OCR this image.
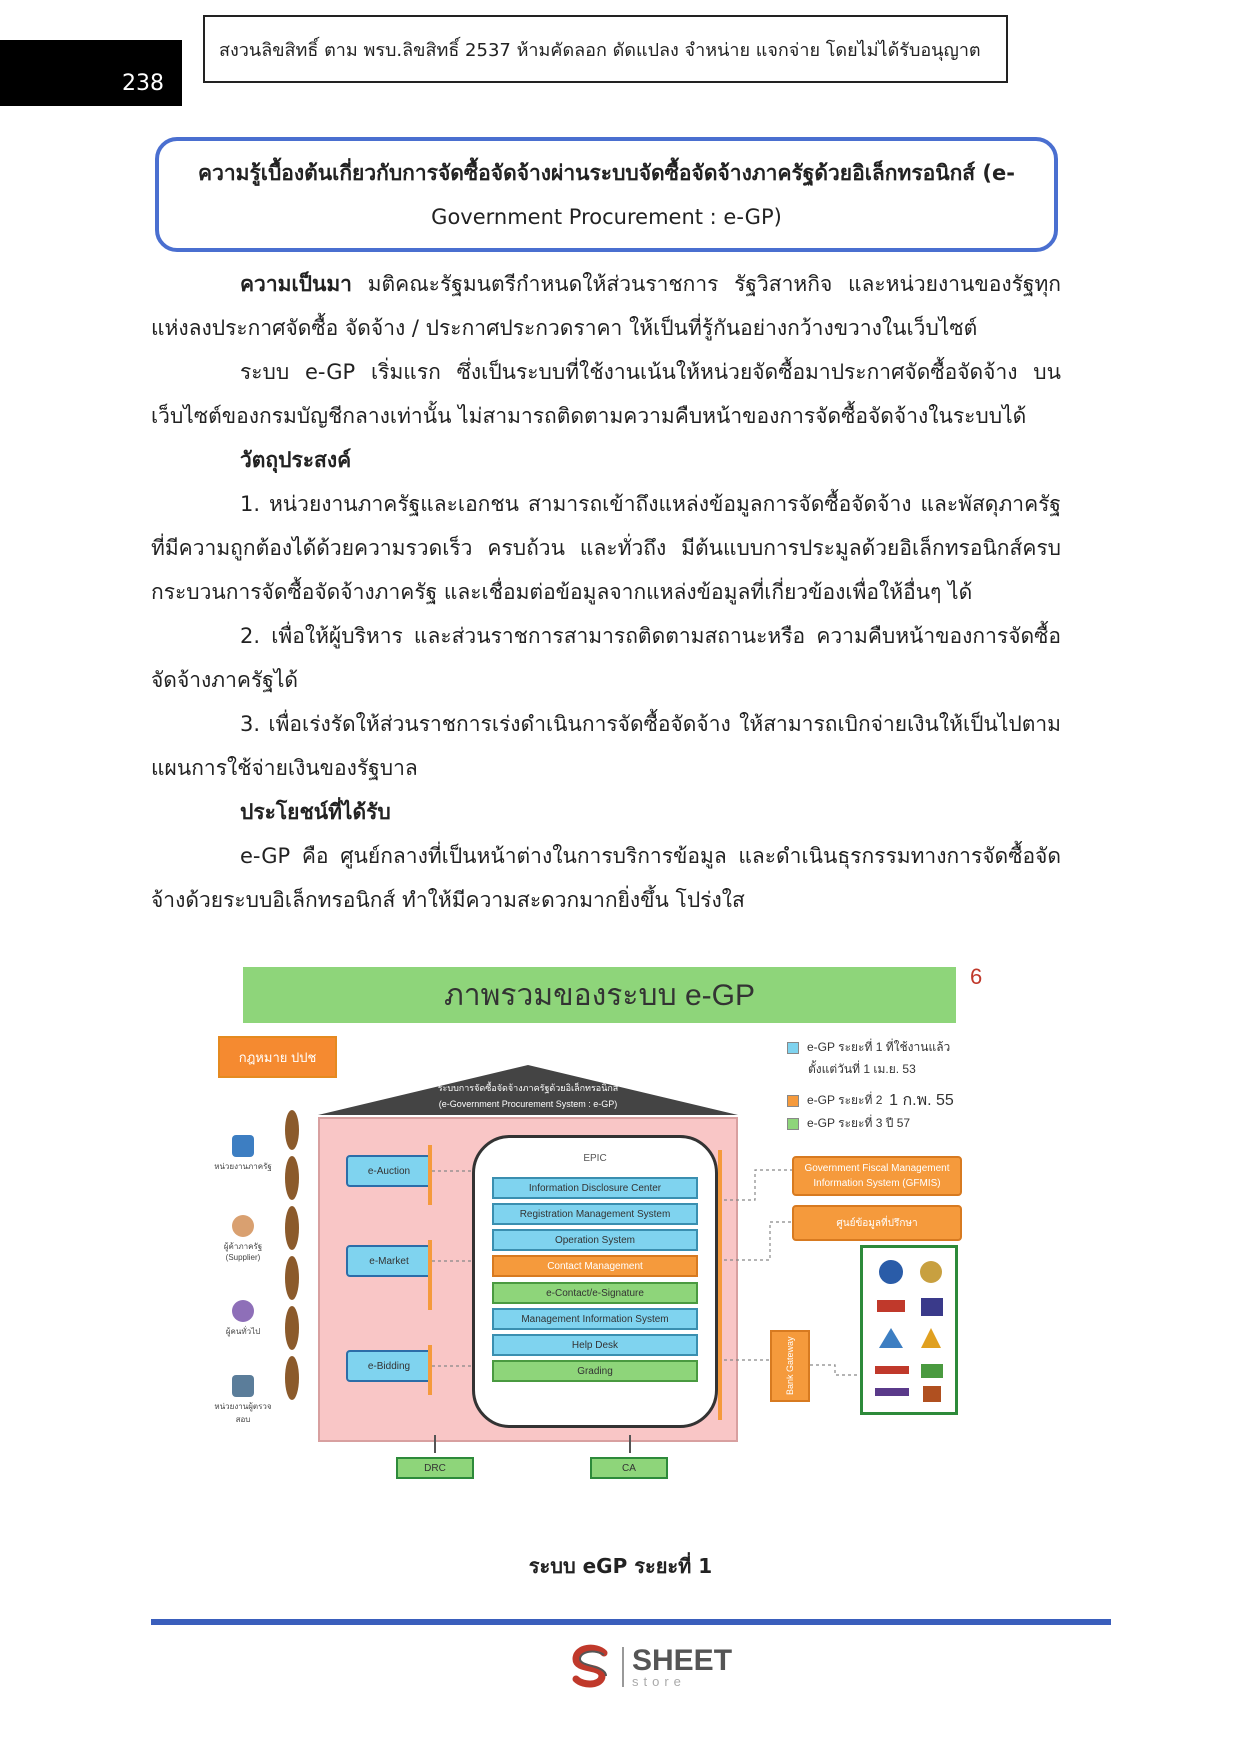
238
สงวนลิขสิทธิ์ ตาม พรบ.ลิขสิทธิ์ 2537 ห้ามคัดลอก ดัดแปลง จำหน่าย แจกจ่าย โดยไม่ได้รับอนุญาต
ความรู้เบื้องต้นเกี่ยวกับการจัดซื้อจัดจ้างผ่านระบบจัดซื้อจัดจ้างภาครัฐด้วยอิเล็กทรอนิกส์ (e-
Government Procurement : e-GP)

ความเป็นมา มติคณะรัฐมนตรีกำหนดให้ส่วนราชการ รัฐวิสาหกิจ และหน่วยงานของรัฐทุกแห่งลงประกาศจัดซื้อ จัดจ้าง / ประกาศประกวดราคา ให้เป็นที่รู้กันอย่างกว้างขวางในเว็บไซต์

ระบบ e-GP เริ่มแรก ซึ่งเป็นระบบที่ใช้งานเน้นให้หน่วยจัดซื้อมาประกาศจัดซื้อจัดจ้าง บนเว็บไซต์ของกรมบัญชีกลางเท่านั้น ไม่สามารถติดตามความคืบหน้าของการจัดซื้อจัดจ้างในระบบได้

วัตถุประสงค์

1. หน่วยงานภาครัฐและเอกชน สามารถเข้าถึงแหล่งข้อมูลการจัดซื้อจัดจ้าง และพัสดุภาครัฐที่มีความถูกต้องได้ด้วยความรวดเร็ว ครบถ้วน และทั่วถึง มีต้นแบบการประมูลด้วยอิเล็กทรอนิกส์ครบกระบวนการจัดซื้อจัดจ้างภาครัฐ และเชื่อมต่อข้อมูลจากแหล่งข้อมูลที่เกี่ยวข้องเพื่อให้อื่นๆ ได้

2. เพื่อให้ผู้บริหาร และส่วนราชการสามารถติดตามสถานะหรือ ความคืบหน้าของการจัดซื้อจัดจ้างภาครัฐได้

3. เพื่อเร่งรัดให้ส่วนราชการเร่งดำเนินการจัดซื้อจัดจ้าง ให้สามารถเบิกจ่ายเงินให้เป็นไปตามแผนการใช้จ่ายเงินของรัฐบาล

ประโยชน์ที่ได้รับ

e-GP คือ ศูนย์กลางที่เป็นหน้าต่างในการบริการข้อมูล และดำเนินธุรกรรมทางการจัดซื้อจัดจ้างด้วยระบบอิเล็กทรอนิกส์ ทำให้มีความสะดวกมากยิ่งขึ้น โปร่งใส

ภาพรวมของระบบ e-GP
6
กฎหมาย ปปช
ระบบการจัดซื้อจัดจ้างภาครัฐด้วยอิเล็กทรอนิกส์
(e-Government Procurement System : e-GP)
หน่วยงานภาครัฐ
ผู้ค้าภาครัฐ (Supplier)
ผู้คนทั่วไป
หน่วยงานผู้ตรวจสอบ
e-Auction
e-Market
e-Bidding
EPIC
Information Disclosure Center
Registration Management System
Operation System
Contact Management
e-Contact/e-Signature
Management Information System
Help Desk
Grading
Government Fiscal Management Information System (GFMIS)
ศูนย์ข้อมูลที่ปรึกษา
Bank Gateway
DRC	CA
e-GP ระยะที่ 1 ที่ใช้งานแล้ว
ตั้งแต่วันที่ 1 เม.ย. 53
e-GP ระยะที่ 2
1 ก.พ. 55
e-GP ระยะที่ 3
ปี 57
ระบบ eGP ระยะที่ 1
SHEET
store
